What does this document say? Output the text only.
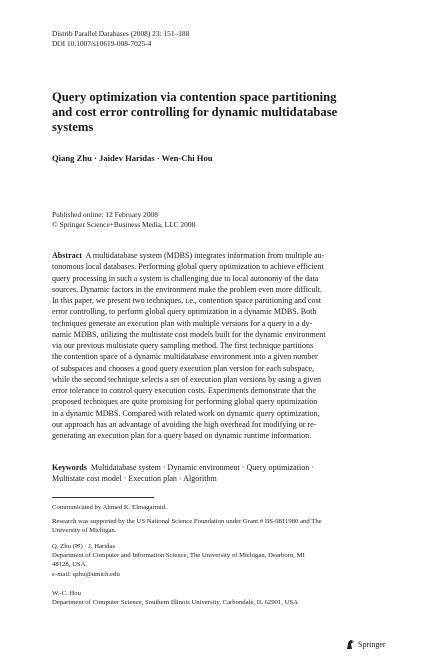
Distrib Parallel Databases (2008) 23: 151–188
DOI 10.1007/s10619-008-7025-4
Query optimization via contention space partitioning
and cost error controlling for dynamic multidatabase
systems
Qiang Zhu · Jaidev Haridas · Wen-Chi Hou
Published online: 12 February 2008
© Springer Science+Business Media, LLC 2008
Abstract A multidatabase system (MDBS) integrates information from multiple au-
tonomous local databases. Performing global query optimization to achieve efficient
query processing in such a system is challenging due to local autonomy of the data
sources. Dynamic factors in the environment make the problem even more difficult.
In this paper, we present two techniques, i.e., contention space partitioning and cost
error controlling, to perform global query optimization in a dynamic MDBS. Both
techniques generate an execution plan with multiple versions for a query in a dy-
namic MDBS, utilizing the multistate cost models built for the dynamic environment
via our previous multistate query sampling method. The first technique partitions
the contention space of a dynamic multidatabase environment into a given number
of subspaces and chooses a good query execution plan version for each subspace,
while the second technique selects a set of execution plan versions by using a given
error tolerance to control query execution costs. Experiments demonstrate that the
proposed techniques are quite promising for performing global query optimization
in a dynamic MDBS. Compared with related work on dynamic query optimization,
our approach has an advantage of avoiding the high overhead for modifying or re-
generating an execution plan for a query based on dynamic runtime information.
Keywords Multidatabase system · Dynamic environment · Query optimization ·
Multistate cost model · Execution plan · Algorithm
Communicated by Ahmed K. Elmagarmid.
Research was supported by the US National Science Foundation under Grant # IIS-9811980 and The
University of Michigan.
Q. Zhu (✉) · J. Haridas
Department of Computer and Information Science, The University of Michigan, Dearborn, MI
48128, USA
e-mail: qzhu@umich.edu
W.-C. Hou
Department of Computer Science, Southern Illinois University, Carbondale, IL 62901, USA
Springer
